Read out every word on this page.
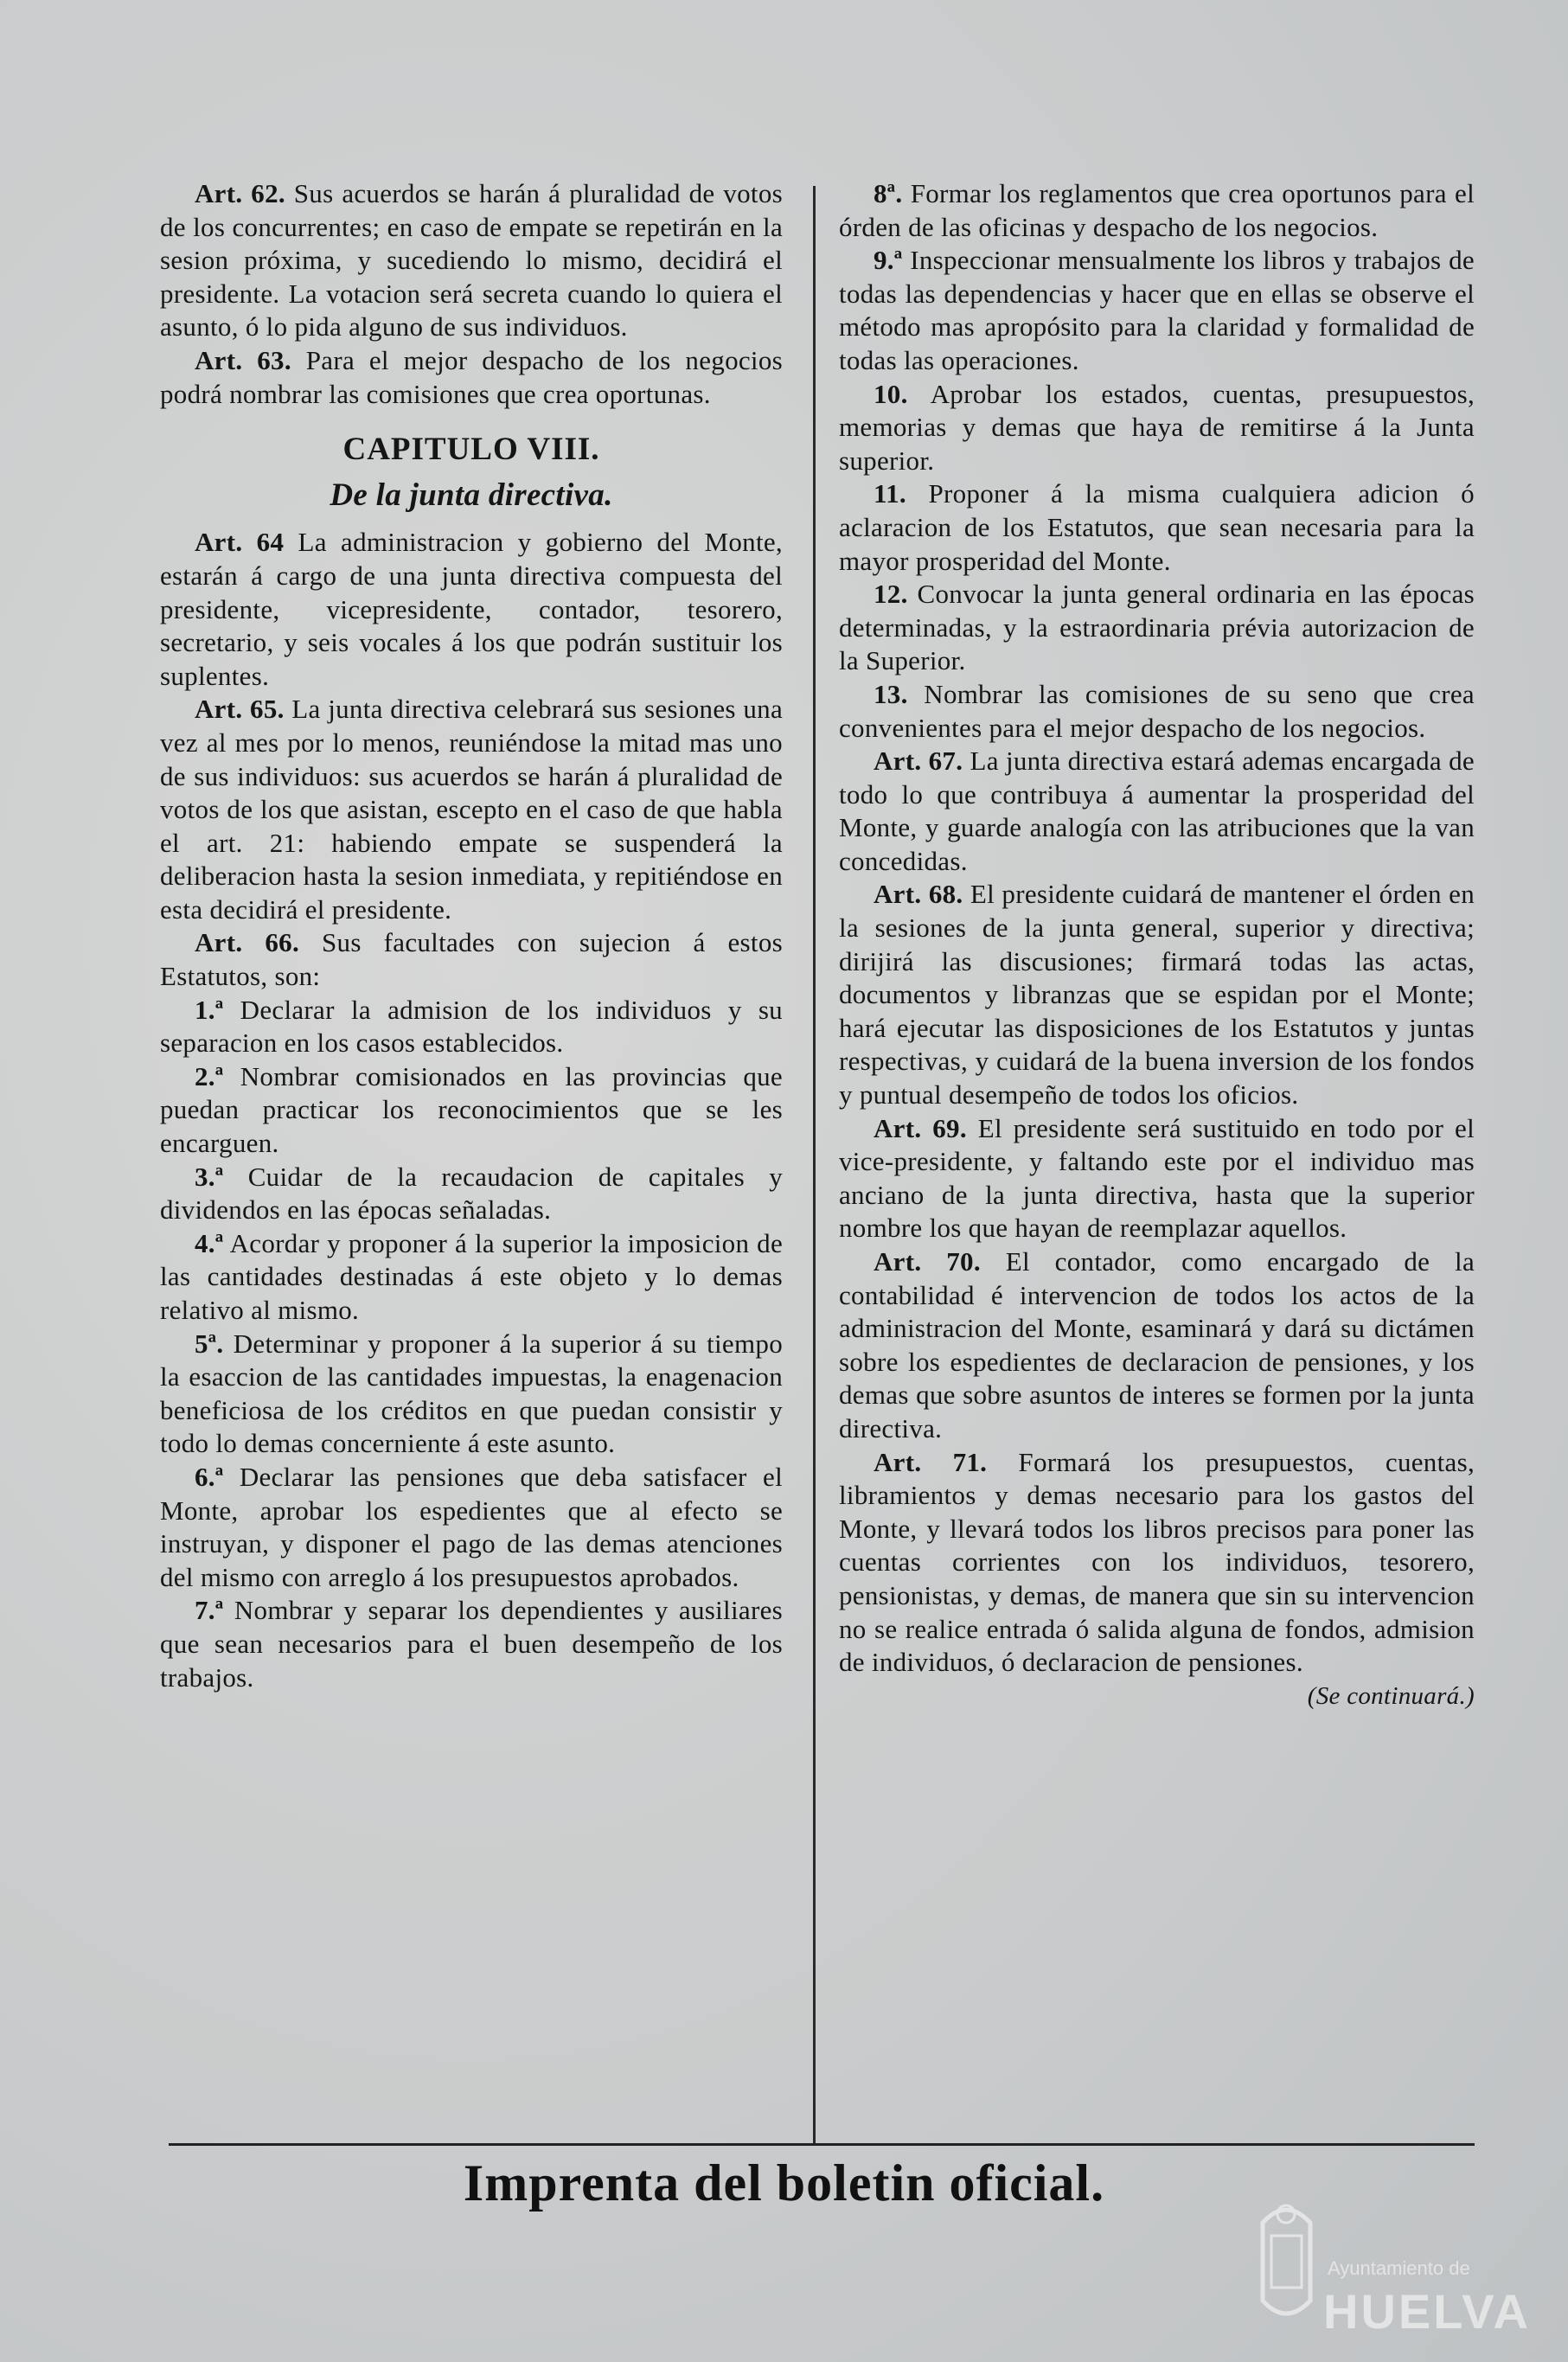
Art. 62. Sus acuerdos se harán á pluralidad de votos de los concurrentes; en caso de empate se repetirán en la sesion próxima, y sucediendo lo mismo, decidirá el presidente. La votacion será secreta cuando lo quiera el asunto, ó lo pida alguno de sus individuos.

Art. 63. Para el mejor despacho de los negocios podrá nombrar las comisiones que crea oportunas.

CAPITULO VIII.

De la junta directiva.

Art. 64 La administracion y gobierno del Monte, estarán á cargo de una junta directiva compuesta del presidente, vicepresidente, contador, tesorero, secretario, y seis vocales á los que podrán sustituir los suplentes.

Art. 65. La junta directiva celebrará sus sesiones una vez al mes por lo menos, reuniéndose la mitad mas uno de sus individuos: sus acuerdos se harán á pluralidad de votos de los que asistan, escepto en el caso de que habla el art. 21: habiendo empate se suspenderá la deliberacion hasta la sesion inmediata, y repitiéndose en esta decidirá el presidente.

Art. 66. Sus facultades con sujecion á estos Estatutos, son:

1.ª Declarar la admision de los individuos y su separacion en los casos establecidos.

2.ª Nombrar comisionados en las provincias que puedan practicar los reconocimientos que se les encarguen.

3.ª Cuidar de la recaudacion de capitales y dividendos en las épocas señaladas.

4.ª Acordar y proponer á la superior la imposicion de las cantidades destinadas á este objeto y lo demas relativo al mismo.

5ª. Determinar y proponer á la superior á su tiempo la esaccion de las cantidades impuestas, la enagenacion beneficiosa de los créditos en que puedan consistir y todo lo demas concerniente á este asunto.

6.ª Declarar las pensiones que deba satisfacer el Monte, aprobar los espedientes que al efecto se instruyan, y disponer el pago de las demas atenciones del mismo con arreglo á los presupuestos aprobados.

7.ª Nombrar y separar los dependientes y ausiliares que sean necesarios para el buen desempeño de los trabajos.

8ª. Formar los reglamentos que crea oportunos para el órden de las oficinas y despacho de los negocios.

9.ª Inspeccionar mensualmente los libros y trabajos de todas las dependencias y hacer que en ellas se observe el método mas apropósito para la claridad y formalidad de todas las operaciones.

10. Aprobar los estados, cuentas, presupuestos, memorias y demas que haya de remitirse á la Junta superior.

11. Proponer á la misma cualquiera adicion ó aclaracion de los Estatutos, que sean necesaria para la mayor prosperidad del Monte.

12. Convocar la junta general ordinaria en las épocas determinadas, y la estraordinaria prévia autorizacion de la Superior.

13. Nombrar las comisiones de su seno que crea convenientes para el mejor despacho de los negocios.

Art. 67. La junta directiva estará ademas encargada de todo lo que contribuya á aumentar la prosperidad del Monte, y guarde analogía con las atribuciones que la van concedidas.

Art. 68. El presidente cuidará de mantener el órden en la sesiones de la junta general, superior y directiva; dirijirá las discusiones; firmará todas las actas, documentos y libranzas que se espidan por el Monte; hará ejecutar las disposiciones de los Estatutos y juntas respectivas, y cuidará de la buena inversion de los fondos y puntual desempeño de todos los oficios.

Art. 69. El presidente será sustituido en todo por el vice-presidente, y faltando este por el individuo mas anciano de la junta directiva, hasta que la superior nombre los que hayan de reemplazar aquellos.

Art. 70. El contador, como encargado de la contabilidad é intervencion de todos los actos de la administracion del Monte, esaminará y dará su dictámen sobre los espedientes de declaracion de pensiones, y los demas que sobre asuntos de interes se formen por la junta directiva.

Art. 71. Formará los presupuestos, cuentas, libramientos y demas necesario para los gastos del Monte, y llevará todos los libros precisos para poner las cuentas corrientes con los individuos, tesorero, pensionistas, y demas, de manera que sin su intervencion no se realice entrada ó salida alguna de fondos, admision de individuos, ó declaracion de pensiones.

(Se continuará.)

Imprenta del boletin oficial.
Ayuntamiento de
HUELVA
